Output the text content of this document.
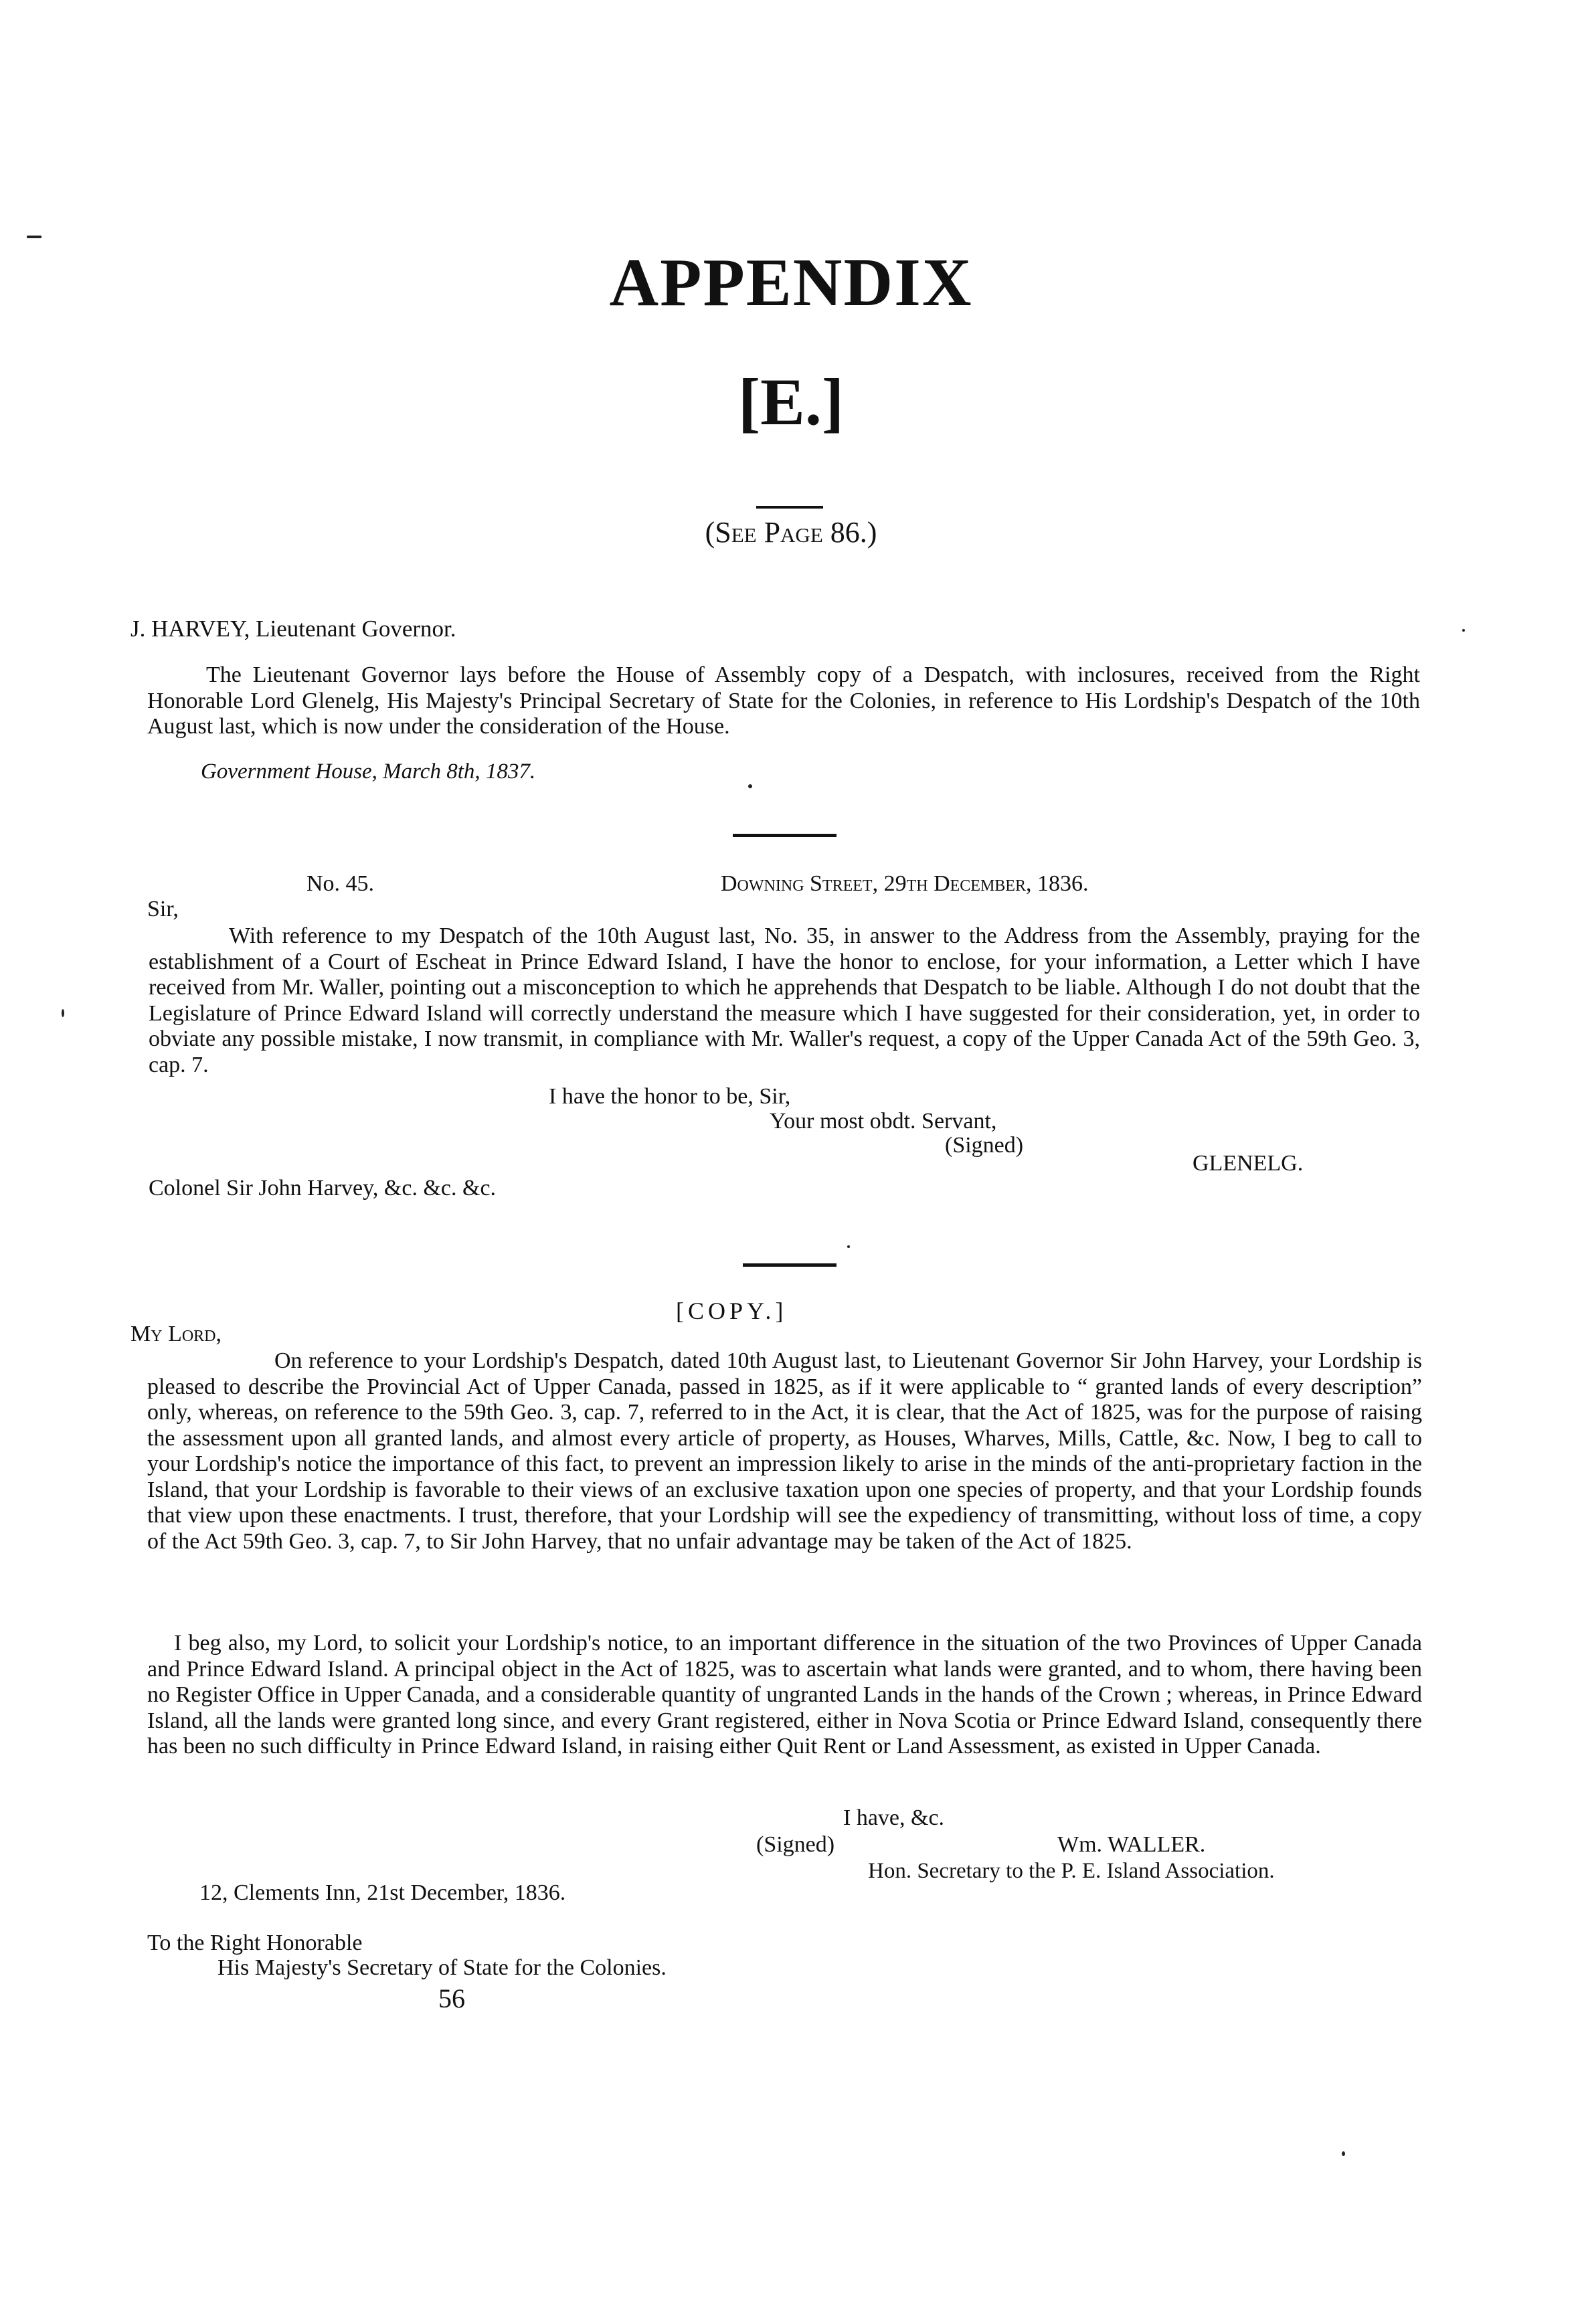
APPENDIX
[E.]
(See Page 86.)
J. HARVEY, Lieutenant Governor.
The Lieutenant Governor lays before the House of Assembly copy of a Despatch, with inclosures, received from the Right Honorable Lord Glenelg, His Majesty's Principal Secretary of State for the Colonies, in reference to His Lordship's Despatch of the 10th August last, which is now under the consideration of the House.
Government House, March 8th, 1837.
No. 45.	Downing Street, 29th December, 1836.
Sir,
With reference to my Despatch of the 10th August last, No. 35, in answer to the Address from the Assembly, praying for the establishment of a Court of Escheat in Prince Edward Island, I have the honor to enclose, for your information, a Letter which I have received from Mr. Waller, pointing out a misconception to which he apprehends that Despatch to be liable. Although I do not doubt that the Legislature of Prince Edward Island will correctly understand the measure which I have suggested for their consideration, yet, in order to obviate any possible mistake, I now transmit, in compliance with Mr. Waller's request, a copy of the Upper Canada Act of the 59th Geo. 3, cap. 7.
I have the honor to be, Sir,
Your most obdt. Servant,
(Signed)
GLENELG.
Colonel Sir John Harvey, &c. &c. &c.
[COPY.]
My Lord,
On reference to your Lordship's Despatch, dated 10th August last, to Lieutenant Governor Sir John Harvey, your Lordship is pleased to describe the Provincial Act of Upper Canada, passed in 1825, as if it were applicable to “ granted lands of every description” only, whereas, on reference to the 59th Geo. 3, cap. 7, referred to in the Act, it is clear, that the Act of 1825, was for the purpose of raising the assessment upon all granted lands, and almost every article of property, as Houses, Wharves, Mills, Cattle, &c. Now, I beg to call to your Lordship's notice the importance of this fact, to prevent an impression likely to arise in the minds of the anti-proprietary faction in the Island, that your Lordship is favorable to their views of an exclusive taxation upon one species of property, and that your Lordship founds that view upon these enactments. I trust, therefore, that your Lordship will see the expediency of transmitting, without loss of time, a copy of the Act 59th Geo. 3, cap. 7, to Sir John Harvey, that no unfair advantage may be taken of the Act of 1825.
I beg also, my Lord, to solicit your Lordship's notice, to an important difference in the situation of the two Provinces of Upper Canada and Prince Edward Island. A principal object in the Act of 1825, was to ascertain what lands were granted, and to whom, there having been no Register Office in Upper Canada, and a considerable quantity of ungranted Lands in the hands of the Crown ; whereas, in Prince Edward Island, all the lands were granted long since, and every Grant registered, either in Nova Scotia or Prince Edward Island, consequently there has been no such difficulty in Prince Edward Island, in raising either Quit Rent or Land Assessment, as existed in Upper Canada.
I have, &c.
(Signed)	Wm. WALLER.
Hon. Secretary to the P. E. Island Association.
12, Clements Inn, 21st December, 1836.
To the Right Honorable
His Majesty's Secretary of State for the Colonies.
56
